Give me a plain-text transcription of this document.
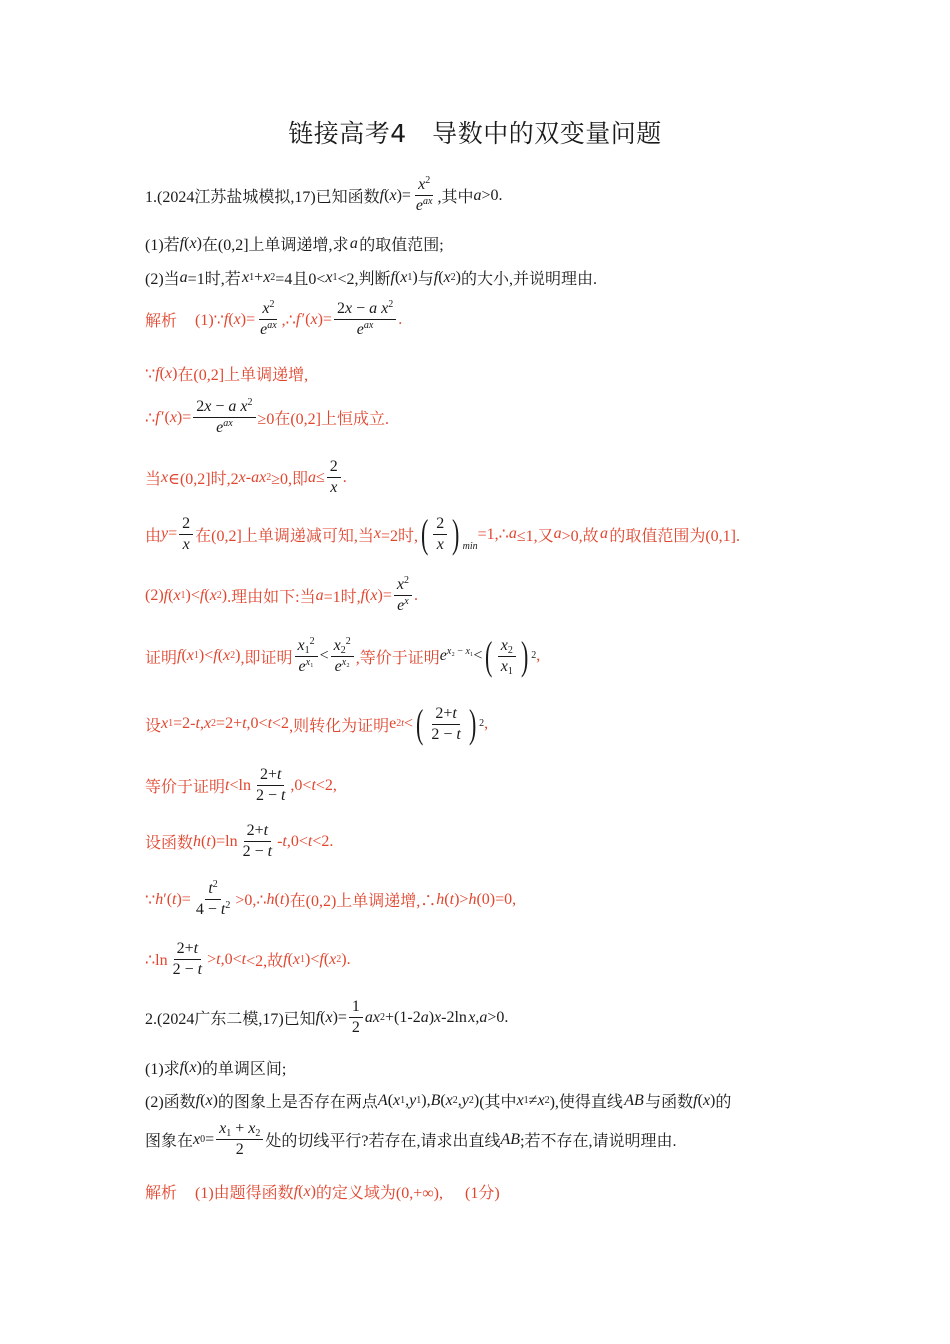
链接高考4　导数中的双变量问题
1.(2024江苏盐城模拟,17)已知函数 f ( x )= $\frac{x^2}{e^{ax}}$ ,其中 a >0.
(1)若 f ( x ) 在(0,2]上单调递增,求
  a
  的取值范围;
(2)当 a =1时,若
  x 1 + x 2 =4且0< x 1 <2,判断 f ( x 1 ) 与 f ( x 2 ) 的大小,并说明理由.
解析 (1)∵ f ( x )= $\frac{x^2}{e^{ax}}$ ,∴ f  ′( x )= $\frac{2x - a x^2}{e^{ax}}$ .
∵ f ( x ) 在(0,2]上单调递增,
∴ f  ′( x )= $\frac{2x - a x^2}{e^{ax}} \ge 0$在(0,2]上恒成立.
当 x ∈(0,2]时,2 x - ax 2 ≥0,即 $a \le \frac{2}{x}$ .
由 $y = \frac{2}{x}$ 在(0,2]上单调递减可知,当 x =2时, ( $\frac{2}{x}$ ) min
=1,∴ a ≤1,又 a >0,故
  a
  的取值范围为(0,1].
(2) f ( x 1 )< f ( x 2 ) .理由如下:当 a =1时, f ( x )= $\frac{x^2}{e^x}$ .
证明 f ( x 1 )< f ( x 2 ) ,即证明 $\frac{x_1^2}{e^{x_1}} < \frac{x_2^2}{e^{x_2}}$ ,等价于证明 $e^{x_2 - x_1}<$ ( $\frac{x_2}{x_1}$ ) 2 ,
设 x 1 =2- t , x 2 =2+ t ,0< t <2 ,则转化为证明 e 2t < ( $\frac{2+t}{2 - t}$ ) 2 ,
等价于证明 $t <\ln \frac{2+t}{2 - t} ,0< t <2$,
设函数 h ( t )$=\ln \frac{2+t}{2 - t} - t$ ,0< t <2.
∵ h ′( t )= $\frac{t^2}{4 - t^2}$ >0,∴ h ( t ) 在(0,2)上单调递增,∴ h ( t )> h (0)=0,
∴ln $\frac{2+t}{2 - t} > t$ ,0< t <2,故 f ( x 1 )< f ( x 2 ).
2.(2024广东二模,17)已知 f ( x ) = $\frac{1}{2}$ ax 2 +(1-2 a ) x -2ln
  x , a >0.
(1)求 f ( x ) 的单调区间;
(2)函数 f ( x ) 的图象上是否存在两点 A ( x 1 , y 1 ), B ( x 2 , y 2 ) (其中 x 1 ≠ x 2 ),使得直线
  AB
  与函数 f ( x ) 的
图象在 x $0 = \frac{x_1 + x_2}{2}$ 处的切线平行?若存在,请求出直线 AB ;若不存在,请说明理由.
解析 (1)由题得函数 f ( x ) 的定义域为(0,+∞), (1分)
